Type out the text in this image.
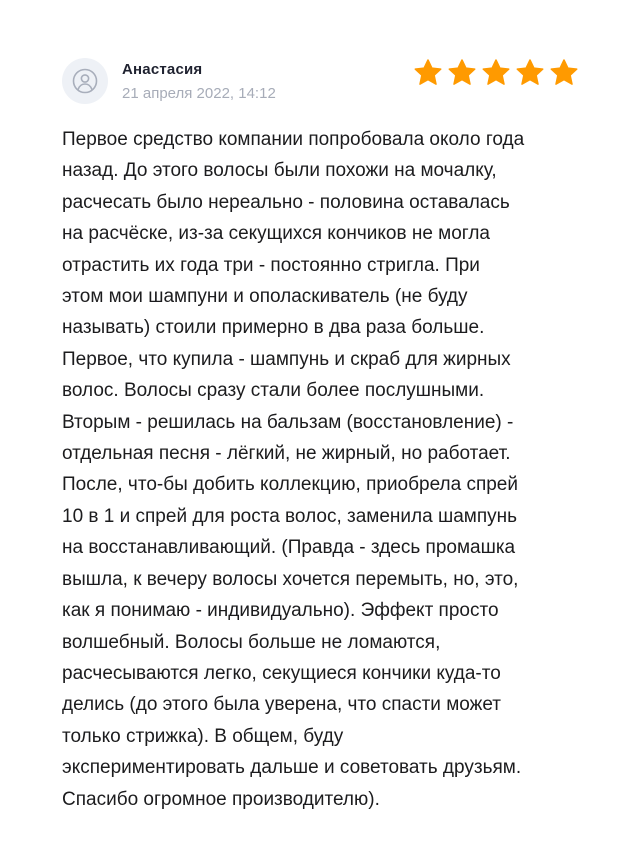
Анастасия
21 апреля 2022, 14:12

Первое средство компании попробовала около года
назад. До этого волосы были похожи на мочалку,
расчесать было нереально - половина оставалась
на расчёске, из-за секущихся кончиков не могла
отрастить их года три - постоянно стригла. При
этом мои шампуни и ополаскиватель (не буду
называть) стоили примерно в два раза больше.
Первое, что купила - шампунь и скраб для жирных
волос. Волосы сразу стали более послушными.
Вторым - решилась на бальзам (восстановление) -
отдельная песня - лёгкий, не жирный, но работает.
После, что-бы добить коллекцию, приобрела спрей
10 в 1 и спрей для роста волос, заменила шампунь
на восстанавливающий. (Правда - здесь промашка
вышла, к вечеру волосы хочется перемыть, но, это,
как я понимаю - индивидуально). Эффект просто
волшебный. Волосы больше не ломаются,
расчесываются легко, секущиеся кончики куда-то
делись (до этого была уверена, что спасти может
только стрижка). В общем, буду
экспериментировать дальше и советовать друзьям.
Спасибо огромное производителю).
